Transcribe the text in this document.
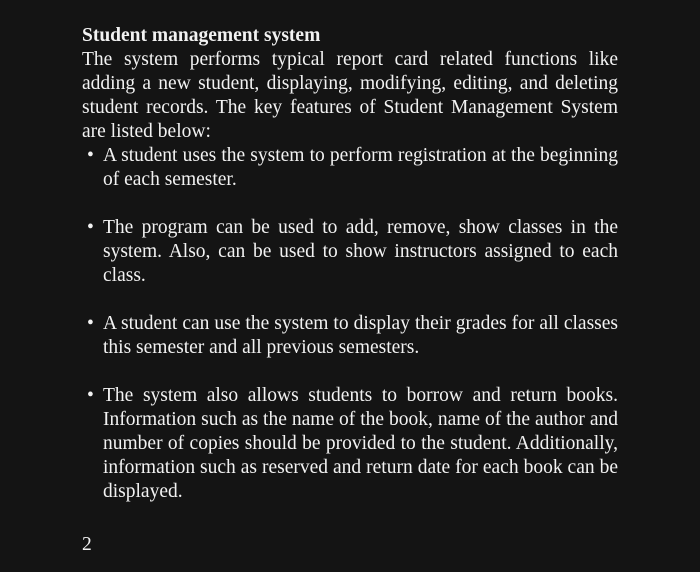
Student management system
The system performs typical report card related functions like adding a new student, displaying, modifying, editing, and deleting student records. The key features of Student Management System are listed below:
• A student uses the system to perform registration at the beginning of each semester.
• The program can be used to add, remove, show classes in the system. Also, can be used to show instructors assigned to each class.
• A student can use the system to display their grades for all classes this semester and all previous semesters.
• The system also allows students to borrow and return books. Information such as the name of the book, name of the author and number of copies should be provided to the student. Additionally, information such as reserved and return date for each book can be displayed.
2
